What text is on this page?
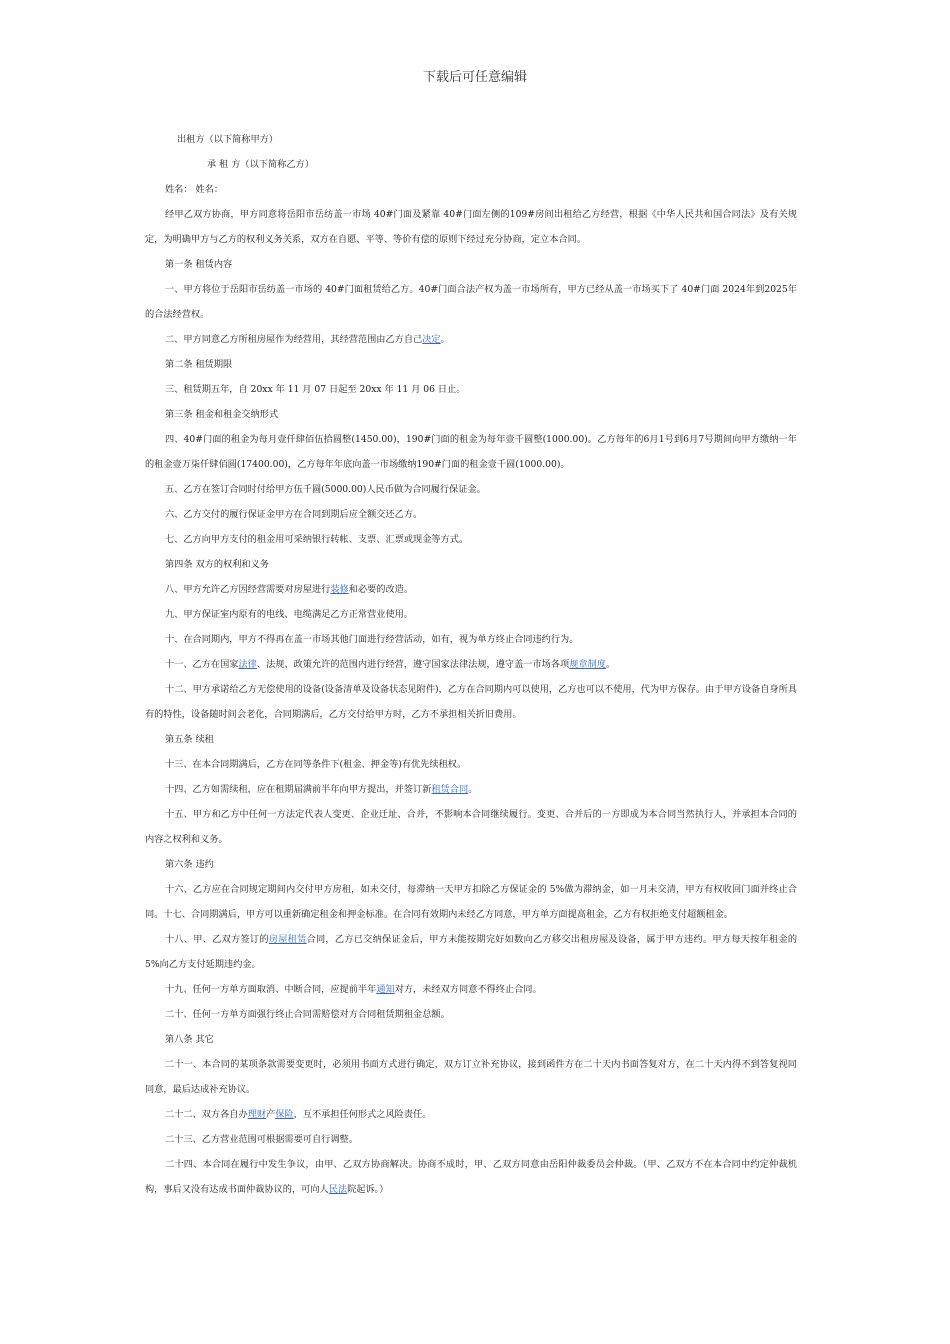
下载后可任意编辑

出租方（以下简称甲方）

承 租 方（以下简称乙方）

姓名： 姓名：

经甲乙双方协商，甲方同意将岳阳市岳纺盖一市场 40#门面及紧靠 40#门面左侧的109#房间出租给乙方经营，根据《中华人民共和国合同法》及有关规定，为明确甲方与乙方的权利义务关系，双方在自愿、平等、等价有偿的原则下经过充分协商，定立本合同。

第一条 租赁内容

一、甲方将位于岳阳市岳纺盖一市场的 40#门面租赁给乙方。40#门面合法产权为盖一市场所有，甲方已经从盖一市场买下了 40#门面 2024年到2025年的合法经营权。

二、甲方同意乙方所租房屋作为经营用，其经营范围由乙方自己决定。

第二条 租赁期限

三、租赁期五年，自 20xx 年 11 月 07 日起至 20xx 年 11 月 06 日止。

第三条 租金和租金交纳形式

四、40#门面的租金为每月壹仟肆佰伍拾圆整(1450.00)，190#门面的租金为每年壹千圆整(1000.00)。乙方每年的6月1号到6月7号期间向甲方缴纳一年的租金壹万柒仟肆佰圆(17400.00)，乙方每年年底向盖一市场缴纳190#门面的租金壹千圆(1000.00)。

五、乙方在签订合同时付给甲方伍千圆(5000.00)人民币做为合同履行保证金。

六、乙方交付的履行保证金甲方在合同到期后应全额交还乙方。

七、乙方向甲方支付的租金用可采纳银行转帐、支票、汇票或现金等方式。

第四条 双方的权利和义务

八、甲方允许乙方因经营需要对房屋进行装修和必要的改造。

九、甲方保证室内原有的电线、电缆满足乙方正常营业使用。

十、在合同期内，甲方不得再在盖一市场其他门面进行经营活动，如有，视为单方终止合同违约行为。

十一、乙方在国家法律、法规、政策允许的范围内进行经营，遵守国家法律法规，遵守盖一市场各项规章制度。

十二、甲方承诺给乙方无偿使用的设备(设备清单及设备状态见附件)，乙方在合同期内可以使用，乙方也可以不使用，代为甲方保存。由于甲方设备自身所具有的特性，设备随时间会老化，合同期满后，乙方交付给甲方时，乙方不承担相关折旧费用。

第五条 续租

十三、在本合同期满后，乙方在同等条件下(租金、押金等)有优先续租权。

十四、乙方如需续租，应在租期届满前半年向甲方提出，并签订新租赁合同。

十五、甲方和乙方中任何一方法定代表人变更、企业迁址、合并，不影响本合同继续履行。变更、合并后的一方即成为本合同当然执行人，并承担本合同的内容之权利和义务。

第六条 违约

十六、乙方应在合同规定期间内交付甲方房租，如未交付，每滞纳一天甲方扣除乙方保证金的 5%做为滞纳金，如一月未交清，甲方有权收回门面并终止合同。十七、合同期满后，甲方可以重新确定租金和押金标准。在合同有效期内未经乙方同意，甲方单方面提高租金，乙方有权拒绝支付超额租金。

十八、甲、乙双方签订的房屋租赁合同，乙方已交纳保证金后，甲方未能按期完好如数向乙方移交出租房屋及设备，属于甲方违约。甲方每天按年租金的 5%向乙方支付延期违约金。

十九、任何一方单方面取消、中断合同，应提前半年通知对方，未经双方同意不得终止合同。

二十、任何一方单方面强行终止合同需赔偿对方合同租赁期租金总额。

第八条 其它

二十一、本合同的某项条款需要变更时，必须用书面方式进行确定，双方订立补充协议，接到函件方在二十天内书面答复对方，在二十天内得不到答复视同同意，最后达成补充协议。

二十二、双方各自办理财产保险，互不承担任何形式之风险责任。

二十三、乙方营业范围可根据需要可自行调整。

二十四、本合同在履行中发生争议，由甲、乙双方协商解决。协商不成时，甲、乙双方同意由岳阳仲裁委员会仲裁。（甲、乙双方不在本合同中约定仲裁机构，事后又没有达成书面仲裁协议的，可向人民法院起诉。）
